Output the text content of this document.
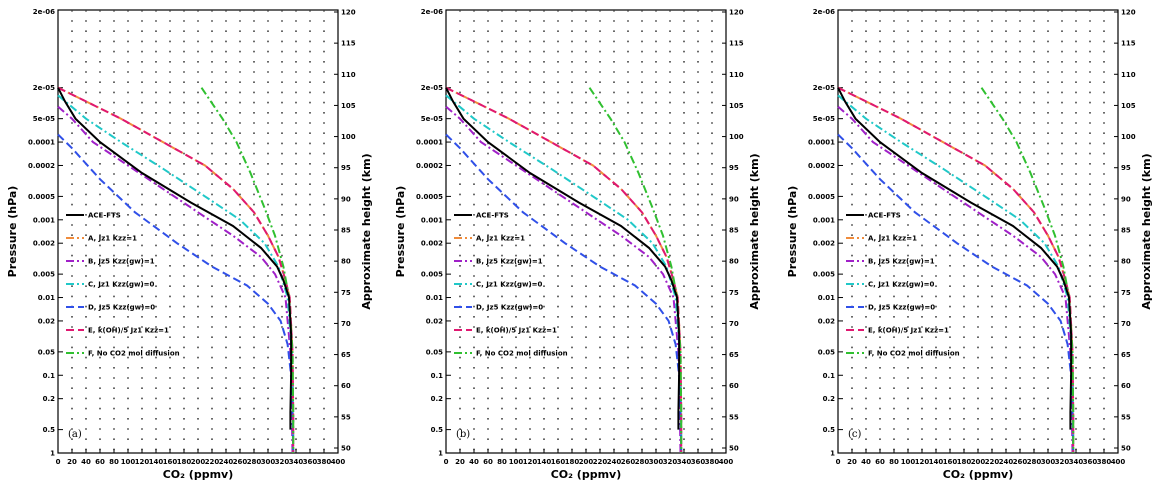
0 20 40 60 80 100 120 140 160 180 200 220 240 260 280 300 320 340 360 380 400
2e-05
5e-05
0.0001
0.0002
0.0005
0.001
0.002
0.005
0.01
0.02
0.05
0.1
0.2
0.5
1
2e-06
50
55
60
65
70
75
80
85
90
95
100
105
110
115
120
CO₂ (ppmv)
Pressure (hPa)	Approximate height (km)
ACE-FTS
A, Jz1 Kzz=1
B, Jz5 Kzz(gw)=1
C, Jz1 Kzz(gw)=0
D, Jz5 Kzz(gw)=0
E, k(OH)/5 Jz1 Kzz=1
F, No CO2 mol diffusion
(a)
0 20 40 60 80 100 120 140 160 180 200 220 240 260 280 300 320 340 360 380 400
2e-05
5e-05
0.0001
0.0002
0.0005
0.001
0.002
0.005
0.01
0.02
0.05
0.1
0.2
0.5
1
2e-06
50
55
60
65
70
75
80
85
90
95
100
105
110
115
120
CO₂ (ppmv)
Pressure (hPa)	Approximate height (km)
ACE-FTS
A, Jz1 Kzz=1
B, Jz5 Kzz(gw)=1
C, Jz1 Kzz(gw)=0
D, Jz5 Kzz(gw)=0
E, k(OH)/5 Jz1 Kzz=1
F, No CO2 mol diffusion
(b)
0 20 40 60 80 100 120 140 160 180 200 220 240 260 280 300 320 340 360 380 400
2e-05
5e-05
0.0001
0.0002
0.0005
0.001
0.002
0.005
0.01
0.02
0.05
0.1
0.2
0.5
1
2e-06
50
55
60
65
70
75
80
85
90
95
100
105
110
115
120
CO₂ (ppmv)
Pressure (hPa)	Approximate height (km)
ACE-FTS
A, Jz1 Kzz=1
B, Jz5 Kzz(gw)=1
C, Jz1 Kzz(gw)=0
D, Jz5 Kzz(gw)=0
E, k(OH)/5 Jz1 Kzz=1
F, No CO2 mol diffusion
(c)
